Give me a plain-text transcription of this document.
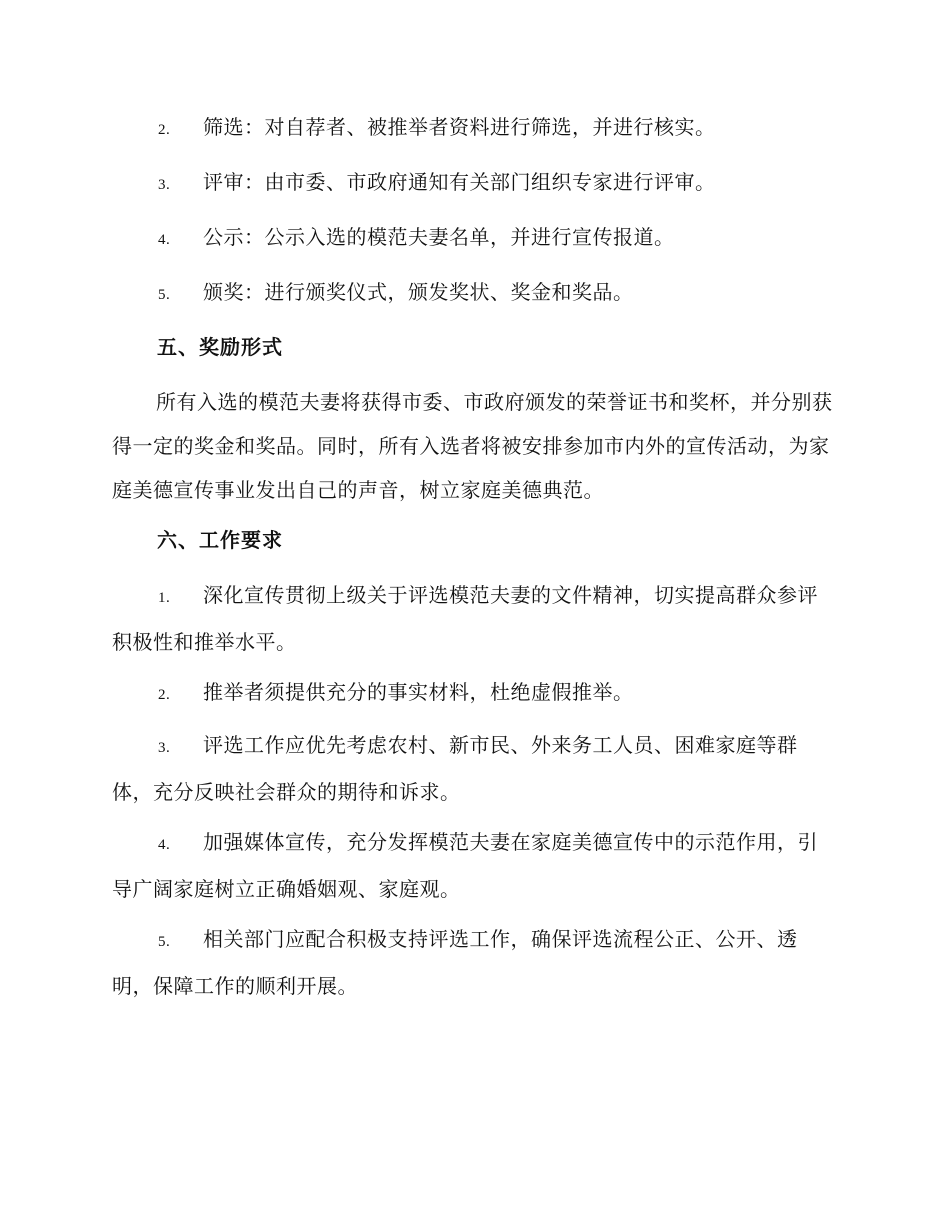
2. 筛选：对自荐者、被推举者资料进行筛选，并进行核实。
3. 评审：由市委、市政府通知有关部门组织专家进行评审。
4. 公示：公示入选的模范夫妻名单，并进行宣传报道。
5. 颁奖：进行颁奖仪式，颁发奖状、奖金和奖品。
五、奖励形式
所有入选的模范夫妻将获得市委、市政府颁发的荣誉证书和奖杯，并分别获得一定的奖金和奖品。同时，所有入选者将被安排参加市内外的宣传活动，为家庭美德宣传事业发出自己的声音，树立家庭美德典范。
六、工作要求
1. 深化宣传贯彻上级关于评选模范夫妻的文件精神，切实提高群众参评积极性和推举水平。
2. 推举者须提供充分的事实材料，杜绝虚假推举。
3. 评选工作应优先考虑农村、新市民、外来务工人员、困难家庭等群体，充分反映社会群众的期待和诉求。
4. 加强媒体宣传，充分发挥模范夫妻在家庭美德宣传中的示范作用，引导广阔家庭树立正确婚姻观、家庭观。
5. 相关部门应配合积极支持评选工作，确保评选流程公正、公开、透明，保障工作的顺利开展。
